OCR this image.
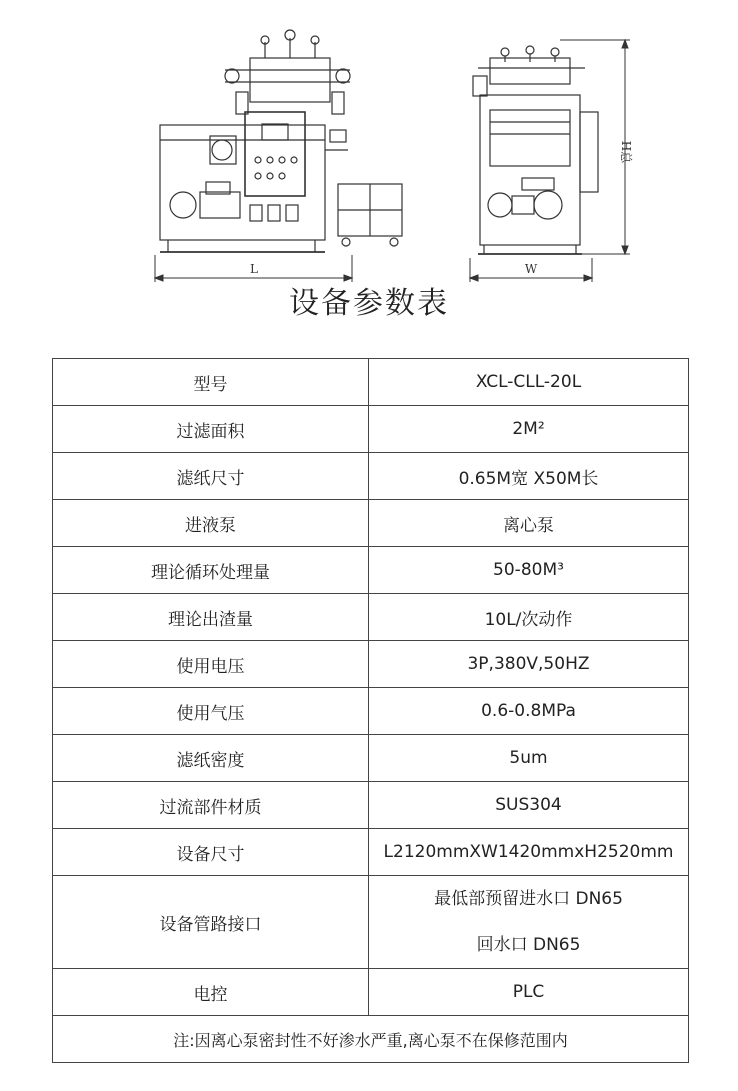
L	W
H总
设备参数表
型号	XCL-CLL-20L
过滤面积	2M²
滤纸尺寸	0.65M宽 X50M长
进液泵	离心泵
理论循环处理量	50-80M³
理论出渣量	10L/次动作
使用电压	3P,380V,50HZ
使用气压	0.6-0.8MPa
滤纸密度	5um
过流部件材质	SUS304
设备尺寸	L2120mmXW1420mmxH2520mm
设备管路接口	最低部预留进水口 DN65
回水口 DN65

电控	PLC
注:因离心泵密封性不好渗水严重,离心泵不在保修范围内	
